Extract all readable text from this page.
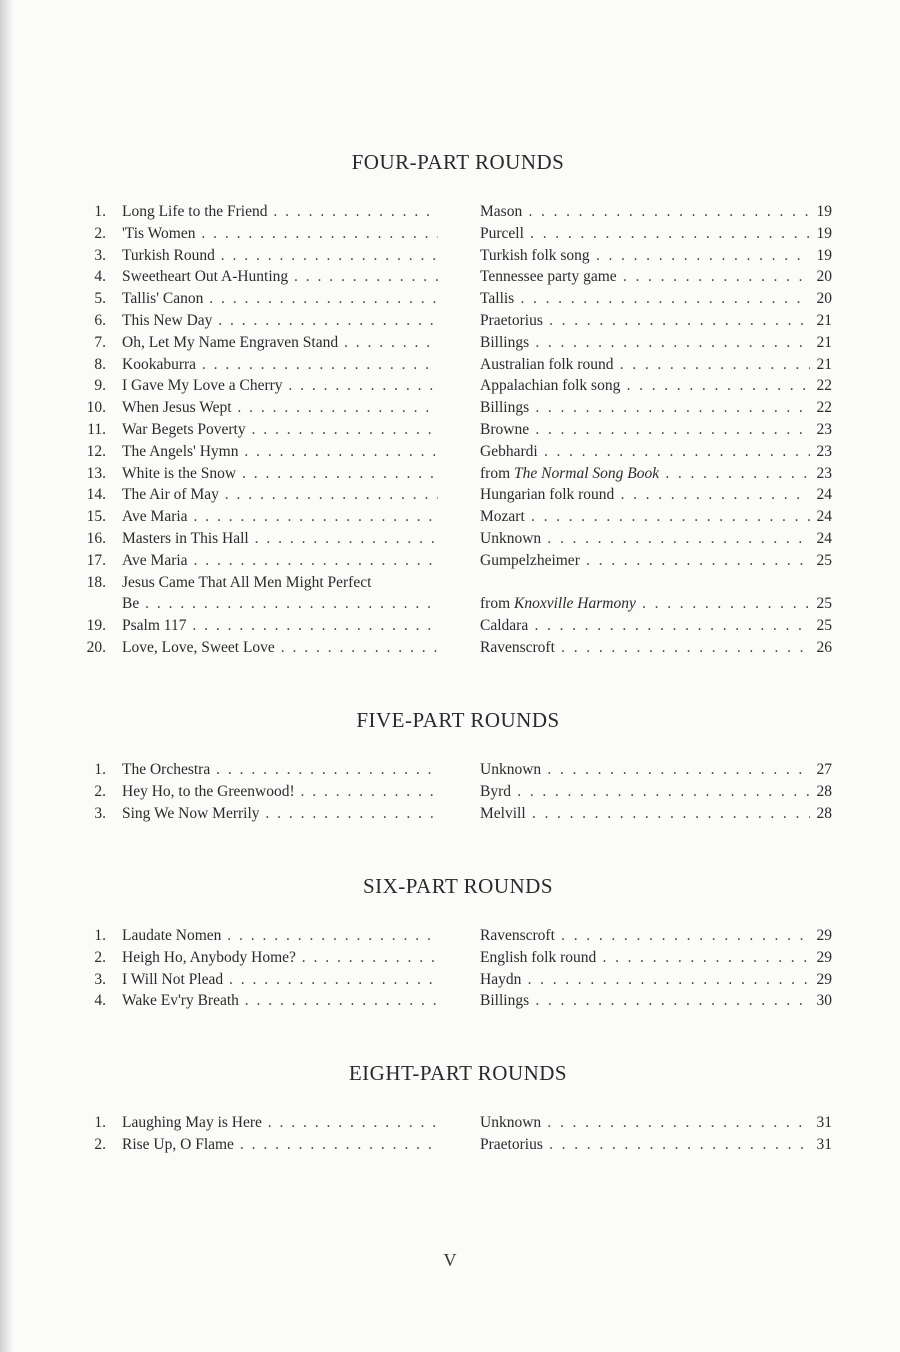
FOUR-PART ROUNDS
1. Long Life to the Friend . . .	Mason . . .	19
2. 'Tis Women . . .	Purcell . . .	19
3. Turkish Round . . .	Turkish folk song . . .	19
4. Sweetheart Out A-Hunting . . .	Tennessee party game . . .	20
5. Tallis' Canon . . .	Tallis . . .	20
6. This New Day . . .	Praetorius . . .	21
7. Oh, Let My Name Engraven Stand . . .	Billings . . .	21
8. Kookaburra . . .	Australian folk round . . .	21
9. I Gave My Love a Cherry . . .	Appalachian folk song . . .	22
10. When Jesus Wept . . .	Billings . . .	22
11. War Begets Poverty . . .	Browne . . .	23
12. The Angels' Hymn . . .	Gebhardi . . .	23
13. White is the Snow . . .	from The Normal Song Book . . .	23
14. The Air of May . . .	Hungarian folk round . . .	24
15. Ave Maria . . .	Mozart . . .	24
16. Masters in This Hall . . .	Unknown . . .	24
17. Ave Maria . . .	Gumpelzheimer . . .	25
18. Jesus Came That All Men Might Perfect
Be . . .	from Knoxville Harmony . . .	25
19. Psalm 117 . . .	Caldara . . .	25
20. Love, Love, Sweet Love . . .	Ravenscroft . . .	26
FIVE-PART ROUNDS
1. The Orchestra . . .	Unknown . . .	27
2. Hey Ho, to the Greenwood! . . .	Byrd . . .	28
3. Sing We Now Merrily . . .	Melvill . . .	28
SIX-PART ROUNDS
1. Laudate Nomen . . .	Ravenscroft . . .	29
2. Heigh Ho, Anybody Home? . . .	English folk round . . .	29
3. I Will Not Plead . . .	Haydn . . .	29
4. Wake Ev'ry Breath . . .	Billings . . .	30
EIGHT-PART ROUNDS
1. Laughing May is Here . . .	Unknown . . .	31
2. Rise Up, O Flame . . .	Praetorius . . .	31
V
